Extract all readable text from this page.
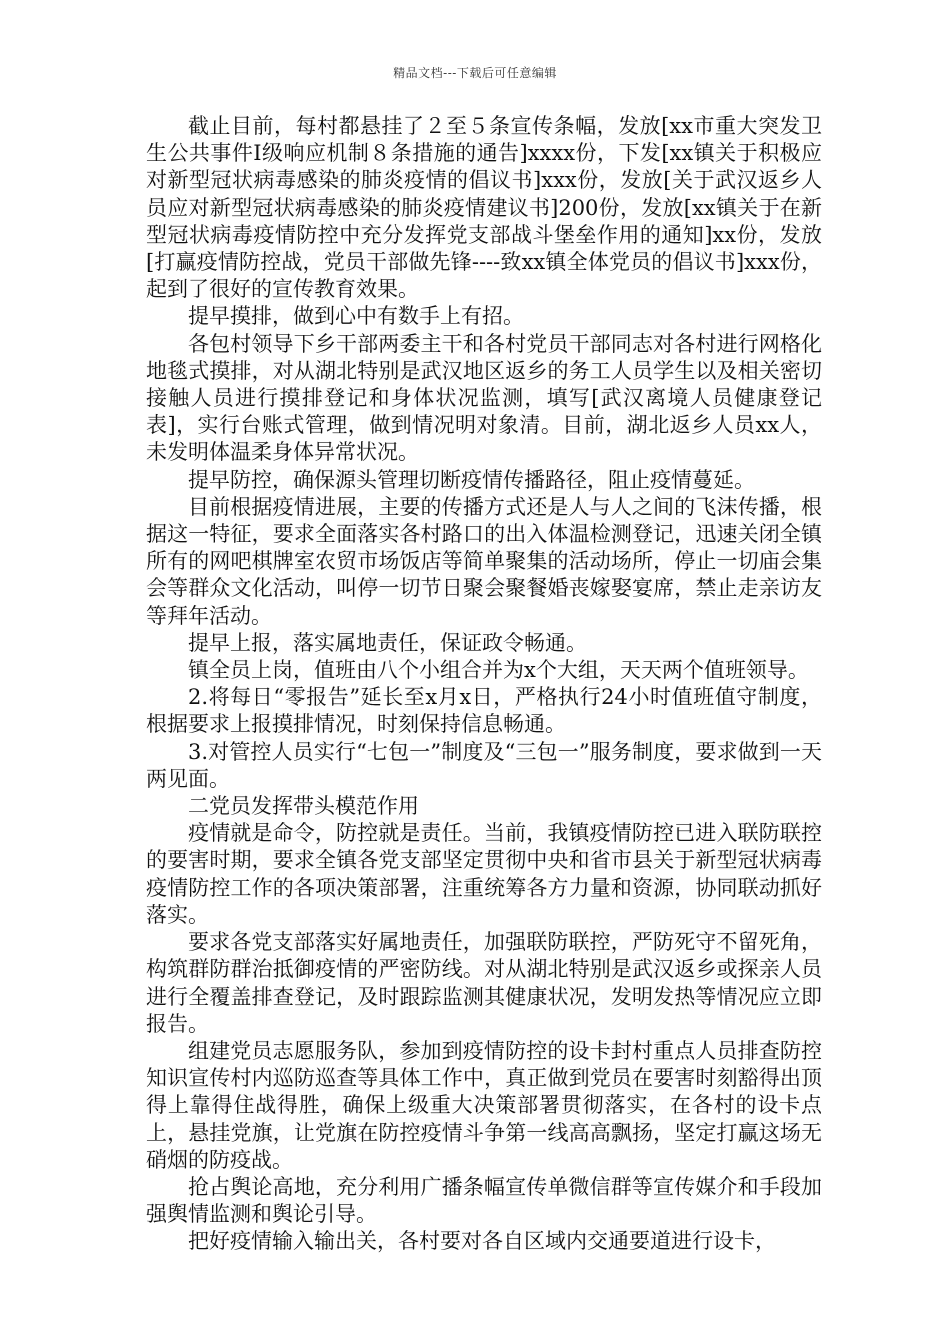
精品文档---下载后可任意编辑

截止目前，每村都悬挂了２至５条宣传条幅，发放[xx市重大突发卫生公共事件Ⅰ级响应机制８条措施的通告]xxxx份，下发[xx镇关于积极应对新型冠状病毒感染的肺炎疫情的倡议书]xxx份，发放[关于武汉返乡人员应对新型冠状病毒感染的肺炎疫情建议书]200份，发放[xx镇关于在新型冠状病毒疫情防控中充分发挥党支部战斗堡垒作用的通知]xx份，发放[打赢疫情防控战，党员干部做先锋----致xx镇全体党员的倡议书]xxx份，起到了很好的宣传教育效果。

提早摸排，做到心中有数手上有招。

各包村领导下乡干部两委主干和各村党员干部同志对各村进行网格化地毯式摸排，对从湖北特别是武汉地区返乡的务工人员学生以及相关密切接触人员进行摸排登记和身体状况监测，填写[武汉离境人员健康登记表]，实行台账式管理，做到情况明对象清。目前，湖北返乡人员xx人，未发明体温柔身体异常状况。

提早防控，确保源头管理切断疫情传播路径，阻止疫情蔓延。

目前根据疫情进展，主要的传播方式还是人与人之间的飞沫传播，根据这一特征，要求全面落实各村路口的出入体温检测登记，迅速关闭全镇所有的网吧棋牌室农贸市场饭店等简单聚集的活动场所，停止一切庙会集会等群众文化活动，叫停一切节日聚会聚餐婚丧嫁娶宴席，禁止走亲访友等拜年活动。

提早上报，落实属地责任，保证政令畅通。

镇全员上岗，值班由八个小组合并为x个大组，天天两个值班领导。

2.将每日“零报告”延长至x月x日，严格执行24小时值班值守制度，根据要求上报摸排情况，时刻保持信息畅通。

3.对管控人员实行“七包一”制度及“三包一”服务制度，要求做到一天两见面。

二党员发挥带头模范作用

疫情就是命令，防控就是责任。当前，我镇疫情防控已进入联防联控的要害时期，要求全镇各党支部坚定贯彻中央和省市县关于新型冠状病毒疫情防控工作的各项决策部署，注重统筹各方力量和资源，协同联动抓好落实。

要求各党支部落实好属地责任，加强联防联控，严防死守不留死角，构筑群防群治抵御疫情的严密防线。对从湖北特别是武汉返乡或探亲人员进行全覆盖排查登记，及时跟踪监测其健康状况，发明发热等情况应立即报告。

组建党员志愿服务队，参加到疫情防控的设卡封村重点人员排查防控知识宣传村内巡防巡查等具体工作中，真正做到党员在要害时刻豁得出顶得上靠得住战得胜，确保上级重大决策部署贯彻落实，在各村的设卡点上，悬挂党旗，让党旗在防控疫情斗争第一线高高飘扬，坚定打赢这场无硝烟的防疫战。

抢占舆论高地，充分利用广播条幅宣传单微信群等宣传媒介和手段加强舆情监测和舆论引导。

把好疫情输入输出关，各村要对各自区域内交通要道进行设卡，
